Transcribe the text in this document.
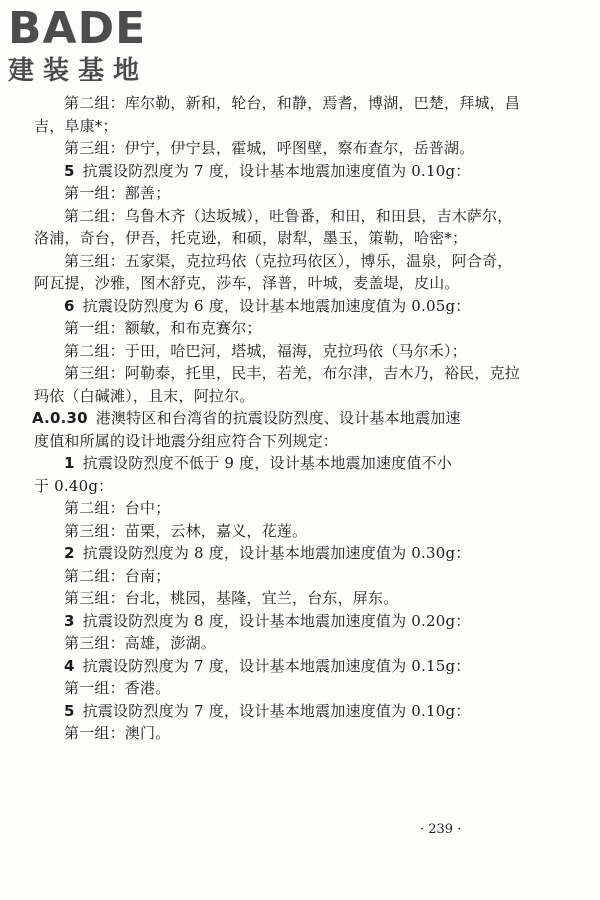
BADE
建装基地
第二组：库尔勒，新和，轮台，和静，焉耆，博湖，巴楚，拜城，昌
吉，阜康*；
第三组：伊宁，伊宁县，霍城，呼图壁，察布查尔，岳普湖。
5 抗震设防烈度为 7 度，设计基本地震加速度值为 0.10g：
第一组：鄯善；
第二组：乌鲁木齐（达坂城），吐鲁番，和田，和田县，吉木萨尔，
洛浦，奇台，伊吾，托克逊，和硕，尉犁，墨玉，策勒，哈密*；
第三组：五家渠，克拉玛依（克拉玛依区），博乐，温泉，阿合奇，
阿瓦提，沙雅，图木舒克，莎车，泽普，叶城，麦盖堤，皮山。
6 抗震设防烈度为 6 度，设计基本地震加速度值为 0.05g：
第一组：额敏，和布克赛尔；
第二组：于田，哈巴河，塔城，福海，克拉玛依（马尔禾）；
第三组：阿勒泰，托里，民丰，若羌，布尔津，吉木乃，裕民，克拉
玛依（白碱滩），且末，阿拉尔。
A.0.30 港澳特区和台湾省的抗震设防烈度、设计基本地震加速
度值和所属的设计地震分组应符合下列规定：
1 抗震设防烈度不低于 9 度，设计基本地震加速度值不小
于 0.40g：
第二组：台中；
第三组：苗栗，云林，嘉义，花莲。
2 抗震设防烈度为 8 度，设计基本地震加速度值为 0.30g：
第二组：台南；
第三组：台北，桃园，基隆，宜兰，台东，屏东。
3 抗震设防烈度为 8 度，设计基本地震加速度值为 0.20g：
第三组：高雄，澎湖。
4 抗震设防烈度为 7 度，设计基本地震加速度值为 0.15g：
第一组：香港。
5 抗震设防烈度为 7 度，设计基本地震加速度值为 0.10g：
第一组：澳门。
· 239 ·
